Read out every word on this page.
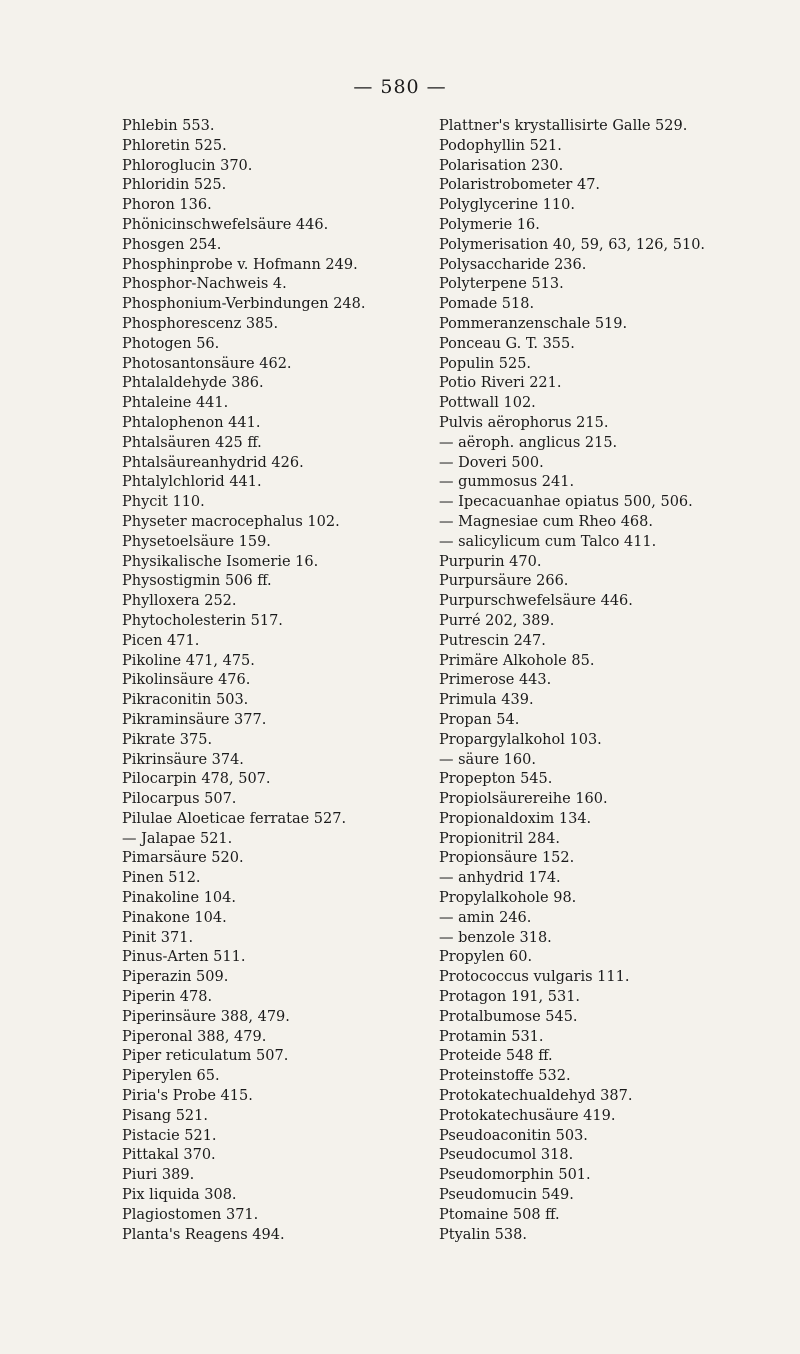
— 580 —
Phlebin 553.
Phloretin 525.
Phloroglucin 370.
Phloridin 525.
Phoron 136.
Phönicinschwefelsäure 446.
Phosgen 254.
Phosphinprobe v. Hofmann 249.
Phosphor-Nachweis 4.
Phosphonium-Verbindungen 248.
Phosphorescenz 385.
Photogen 56.
Photosantonsäure 462.
Phtalaldehyde 386.
Phtaleine 441.
Phtalophenon 441.
Phtalsäuren 425 ff.
Phtalsäureanhydrid 426.
Phtalylchlorid 441.
Phycit 110.
Physeter macrocephalus 102.
Physetoelsäure 159.
Physikalische Isomerie 16.
Physostigmin 506 ff.
Phylloxera 252.
Phytocholesterin 517.
Picen 471.
Pikoline 471, 475.
Pikolinsäure 476.
Pikraconitin 503.
Pikraminsäure 377.
Pikrate 375.
Pikrinsäure 374.
Pilocarpin 478, 507.
Pilocarpus 507.
Pilulae Aloeticae ferratae 527.
— Jalapae 521.
Pimarsäure 520.
Pinen 512.
Pinakoline 104.
Pinakone 104.
Pinit 371.
Pinus-Arten 511.
Piperazin 509.
Piperin 478.
Piperinsäure 388, 479.
Piperonal 388, 479.
Piper reticulatum 507.
Piperylen 65.
Piria's Probe 415.
Pisang 521.
Pistacie 521.
Pittakal 370.
Piuri 389.
Pix liquida 308.
Plagiostomen 371.
Planta's Reagens 494.
Plattner's krystallisirte Galle 529.
Podophyllin 521.
Polarisation 230.
Polaristrobometer 47.
Polyglycerine 110.
Polymerie 16.
Polymerisation 40, 59, 63, 126, 510.
Polysaccharide 236.
Polyterpene 513.
Pomade 518.
Pommeranzenschale 519.
Ponceau G. T. 355.
Populin 525.
Potio Riveri 221.
Pottwall 102.
Pulvis aërophorus 215.
— aëroph. anglicus 215.
— Doveri 500.
— gummosus 241.
— Ipecacuanhae opiatus 500, 506.
— Magnesiae cum Rheo 468.
— salicylicum cum Talco 411.
Purpurin 470.
Purpursäure 266.
Purpurschwefelsäure 446.
Purré 202, 389.
Putrescin 247.
Primäre Alkohole 85.
Primerose 443.
Primula 439.
Propan 54.
Propargylalkohol 103.
— säure 160.
Propepton 545.
Propiolsäurereihe 160.
Propionaldoxim 134.
Propionitril 284.
Propionsäure 152.
— anhydrid 174.
Propylalkohole 98.
— amin 246.
— benzole 318.
Propylen 60.
Protococcus vulgaris 111.
Protagon 191, 531.
Protalbumose 545.
Protamin 531.
Proteide 548 ff.
Proteinstoffe 532.
Protokatechualdehyd 387.
Protokatechusäure 419.
Pseudoaconitin 503.
Pseudocumol 318.
Pseudomorphin 501.
Pseudomucin 549.
Ptomaine 508 ff.
Ptyalin 538.
